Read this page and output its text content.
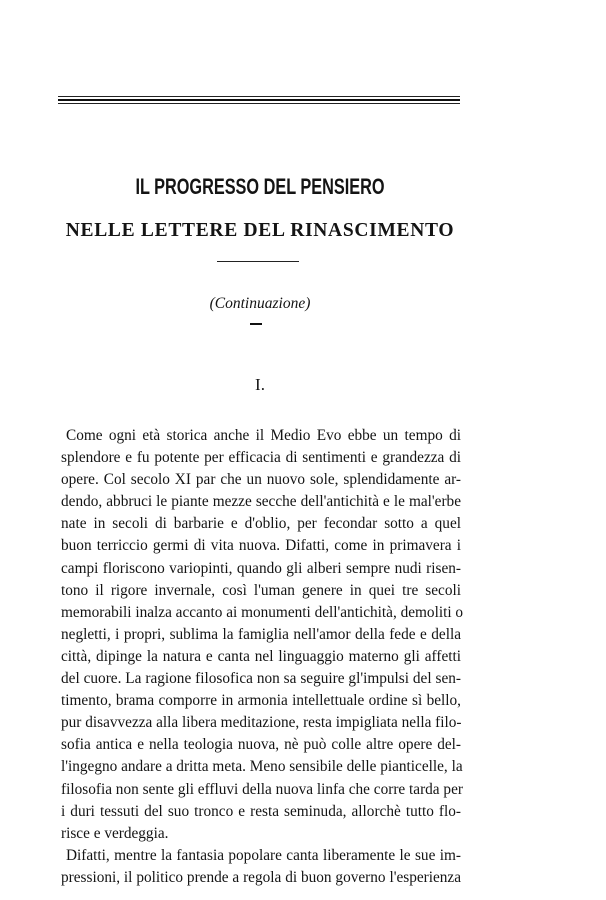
IL PROGRESSO DEL PENSIERO
NELLE LETTERE DEL RINASCIMENTO

(Continuazione)

I.

Come ogni età storica anche il Medio Evo ebbe un tempo di
splendore e fu potente per efficacia di sentimenti e grandezza di
opere. Col secolo XI par che un nuovo sole, splendidamente ar-
dendo, abbruci le piante mezze secche dell'antichità e le mal'erbe
nate in secoli di barbarie e d'oblio, per fecondar sotto a quel
buon terriccio germi di vita nuova. Difatti, come in primavera i
campi floriscono variopinti, quando gli alberi sempre nudi risen-
tono il rigore invernale, così l'uman genere in quei tre secoli
memorabili inalza accanto ai monumenti dell'antichità, demoliti o
negletti, i propri, sublima la famiglia nell'amor della fede e della
città, dipinge la natura e canta nel linguaggio materno gli affetti
del cuore. La ragione filosofica non sa seguire gl'impulsi del sen-
timento, brama comporre in armonia intellettuale ordine sì bello,
pur disavvezza alla libera meditazione, resta impigliata nella filo-
sofia antica e nella teologia nuova, nè può colle altre opere del-
l'ingegno andare a dritta meta. Meno sensibile delle pianticelle, la
filosofia non sente gli effluvi della nuova linfa che corre tarda per
i duri tessuti del suo tronco e resta seminuda, allorchè tutto flo-
risce e verdeggia.
Difatti, mentre la fantasia popolare canta liberamente le sue im-
pressioni, il politico prende a regola di buon governo l'esperienza
